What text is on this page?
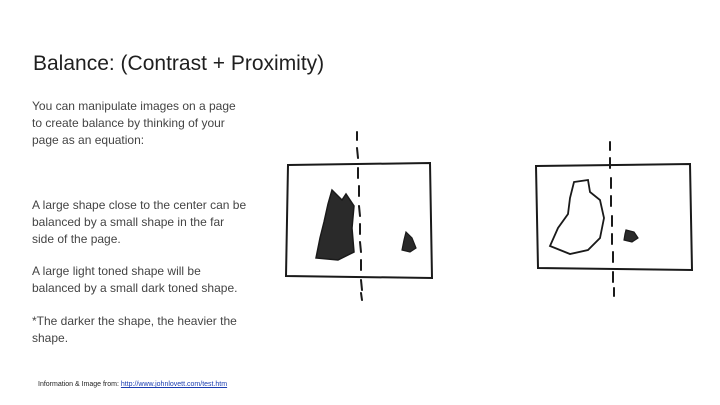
Balance: (Contrast + Proximity)
You can manipulate images on a page to create balance by thinking of your page as an equation:
A large shape close to the center can be balanced by a small shape in the far side of the page.
A large light toned shape will be balanced by a small dark toned shape.
*The darker the shape, the heavier the shape.
Information & Image from: http://www.johnlovett.com/test.htm
